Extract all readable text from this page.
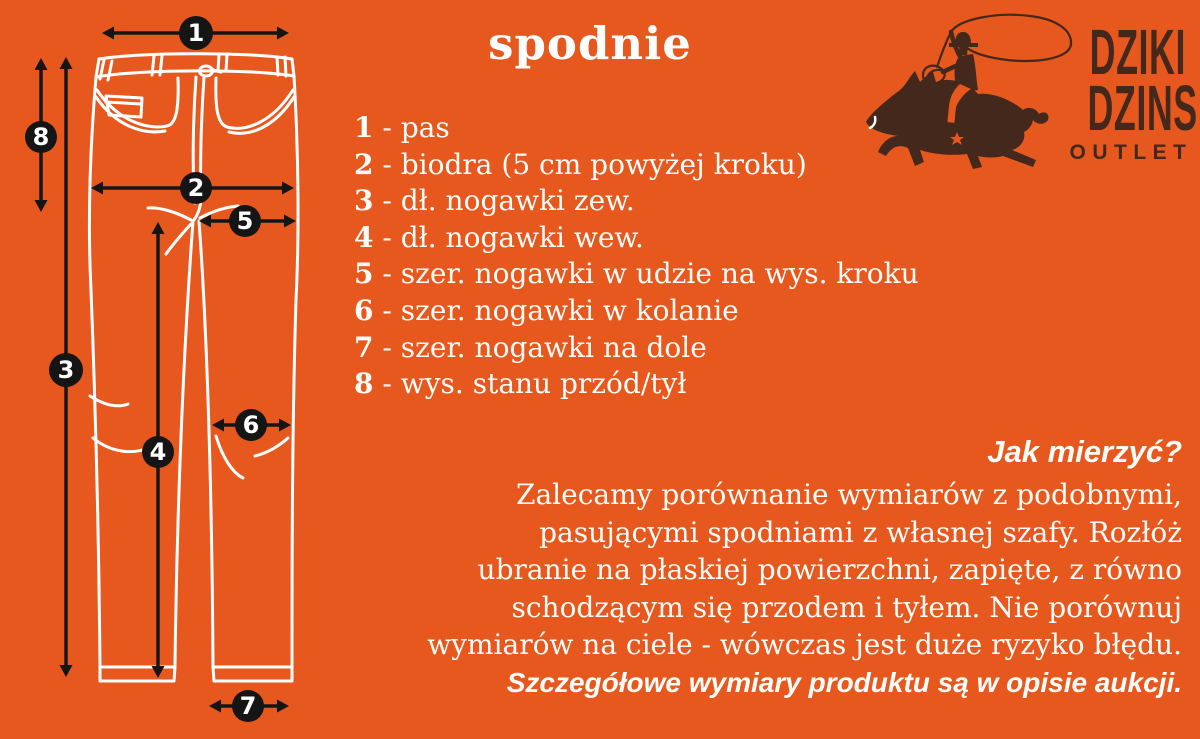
1
8
2
5
3
4
6
7
spodnie
1 - pas
2 - biodra (5 cm powyżej kroku)
3 - dł. nogawki zew.
4 - dł. nogawki wew.
5 - szer. nogawki w udzie na wys. kroku
6 - szer. nogawki w kolanie
7 - szer. nogawki na dole
8 - wys. stanu przód/tył
DZIKI
DZINS
OUTLET
Jak mierzyć?
Zalecamy porównanie wymiarów z podobnymi,
pasującymi spodniami z własnej szafy. Rozłóż
ubranie na płaskiej powierzchni, zapięte, z równo
schodzącym się przodem i tyłem. Nie porównuj
wymiarów na ciele - wówczas jest duże ryzyko błędu.
Szczegółowe wymiary produktu są w opisie aukcji.
